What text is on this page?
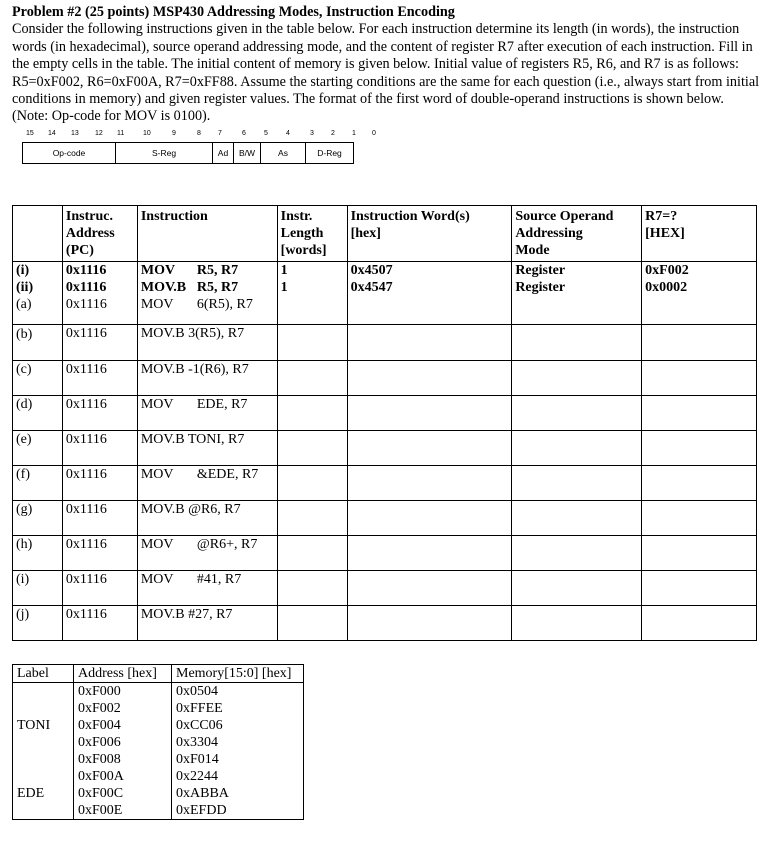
Problem #2 (25 points) MSP430 Addressing Modes, Instruction Encoding
Consider the following instructions given in the table below. For each instruction determine its length (in words), the instruction words (in hexadecimal), source operand addressing mode, and the content of register R7 after execution of each instruction. Fill in the empty cells in the table. The initial content of memory is given below. Initial value of registers R5, R6, and R7 is as follows: R5=0xF002, R6=0xF00A, R7=0xFF88. Assume the starting conditions are the same for each question (i.e., always start from initial conditions in memory) and given register values. The format of the first word of double-operand instructions is shown below. (Note: Op-code for MOV is 0100).
15 14 13 12 11	10	9	8 7	6	5	4	3 2 1 0
Op-code	S-Reg	Ad	B/W	As	D-Reg
	Instruc.
Address
(PC)	Instruction	Instr.
Length
[words]	Instruction Word(s)
[hex]	Source Operand
Addressing
Mode	R7=?
[HEX]
(i)	0x1116	MOV R5, R7	1	0x4507	Register	0xF002
(ii)	0x1116	MOV.B R5, R7	1	0x4547	Register	0x0002
(a)	0x1116	MOV 6(R5), R7				
(b)	0x1116	MOV.B 3(R5), R7				
(c)	0x1116	MOV.B -1(R6), R7				
(d)	0x1116	MOV EDE, R7				
(e)	0x1116	MOV.B TONI, R7				
(f)	0x1116	MOV &EDE, R7				
(g)	0x1116	MOV.B @R6, R7				
(h)	0x1116	MOV @R6+, R7				
(i)	0x1116	MOV #41, R7				
(j)	0x1116	MOV.B #27, R7				
Label	Address [hex]	Memory[15:0] [hex]
	0xF000	0x0504
	0xF002	0xFFEE
TONI	0xF004	0xCC06
	0xF006	0x3304
	0xF008	0xF014
	0xF00A	0x2244
EDE	0xF00C	0xABBA
	0xF00E	0xEFDD
